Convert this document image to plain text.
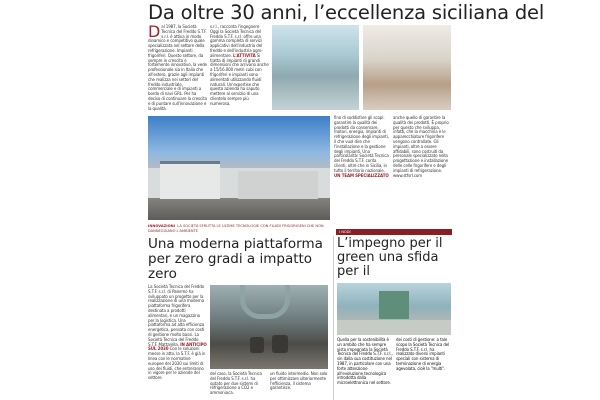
Da oltre 30 anni, l’eccellenza siciliana del
Dal 1987, la Società Tecnica del Freddo S.T.F. s.r.l. è attiva in modo dinamico e competitivo quale specializzata nel settore della refrigerazione. Impianti frigoriferi. Questo settore, da sempre in crescita e fortemente innovativo, la vede professionale sia in Italia che all'estero, grazie agli impianti che realizza nei settori del freddo industriale, commerciale e di impianti a bordo di navi GRL. Per ha deciso di continuare la crescita e di puntare sull'innovazione e la qualità.
s.r.l., racconta l'ingegnere Oggi la Società Tecnica del Freddo S.T.F. s.r.l. offre una gamma completa di servizi applicativi dell'industria del freddo e dell'industria agro-alimentare. L'ATTIVITÀ Si tratta di impianti di grandi dimensioni che arrivano anche a 15/16.000 metri cubi con frigoriferi e impianti sono alimentati utilizzando fluidi naturali. Un'expertise che questa azienda ha saputo mettere al servizio di una clientela sempre più numerosa.
fino di soddisfare gli scopi: garantire la qualità dei prodotti da conservare, motori, energia, impianti di refrigerazione degli impianti, il che vuol dire che l'installazione e la gestione degli impianti. Una particolarità: Società Tecnica del Freddo S.T.F. conta clienti, oltre che in Sicilia, in tutto il territorio nazionale. UN TEAM SPECIALIZZATO
anche quello di garantire la qualità dei prodotti. È proprio per questo che sviluppa, infatti, che la macchina e le apparecchiature frigorifere vengono controllate. Gli impianti, oltre a essere affidabili, sono costruiti da personale specializzato nella progettazione e installazione delle celle frigorifere e degli impianti di refrigerazione. www.stfsrl.com
INNOVAZIONI LA SOCIETÀ SFRUTTA LE ULTIME TECNOLOGIE CON FLUIDI FRIGORIGENI CHE NON DANNEGGIANO L'AMBIENTE	I NODI
Una moderna piattaforma per zero gradi a impatto zero
La Società Tecnica del Freddo S.T.F. s.r.l. di Palermo ha sviluppato un progetto per la realizzazione di una moderna piattaforma frigorifera destinata a prodotti alimentari, e un magazzino per la logistica. Una piattaforma ad alta efficienza energetica, pensata con costi di gestione molto bassi. La Società Tecnica del Freddo S.T.F. Mattarella. IN ANTICIPO SUL 2030 Con le soluzioni messe in atto, la S.T.F. è già in linea con le normative europee del 2030 sui limiti di uso dei fluidi, che entreranno in vigore per le aziende del settore.
del caso, la Società Tecnica del Freddo S.T.F. s.r.l. ha optato per due sistemi di refrigerazione a CO2 e ammoniaca.
un fluido intermedio. Non solo per ottimizzare ulteriormente l'efficienza, il sistema garantisce.
L’impegno per il green una sfida per il
Quella per la sostenibilità è un ambito che ha sempre visto impegnata la Società Tecnica del Freddo S.T.F. s.r.l., sin dalla sua costituzione nel 1987, in particolare con una forte attenzione all'evoluzione tecnologica introdotta dalla microelettronica nel settore.
dei costi di gestione: a tale scopo la Società Tecnica del Freddo S.T.F. s.r.l. ha realizzato diversi impianti speciali con sistema di terminazione di energia agevolata, cioè la "multi".
